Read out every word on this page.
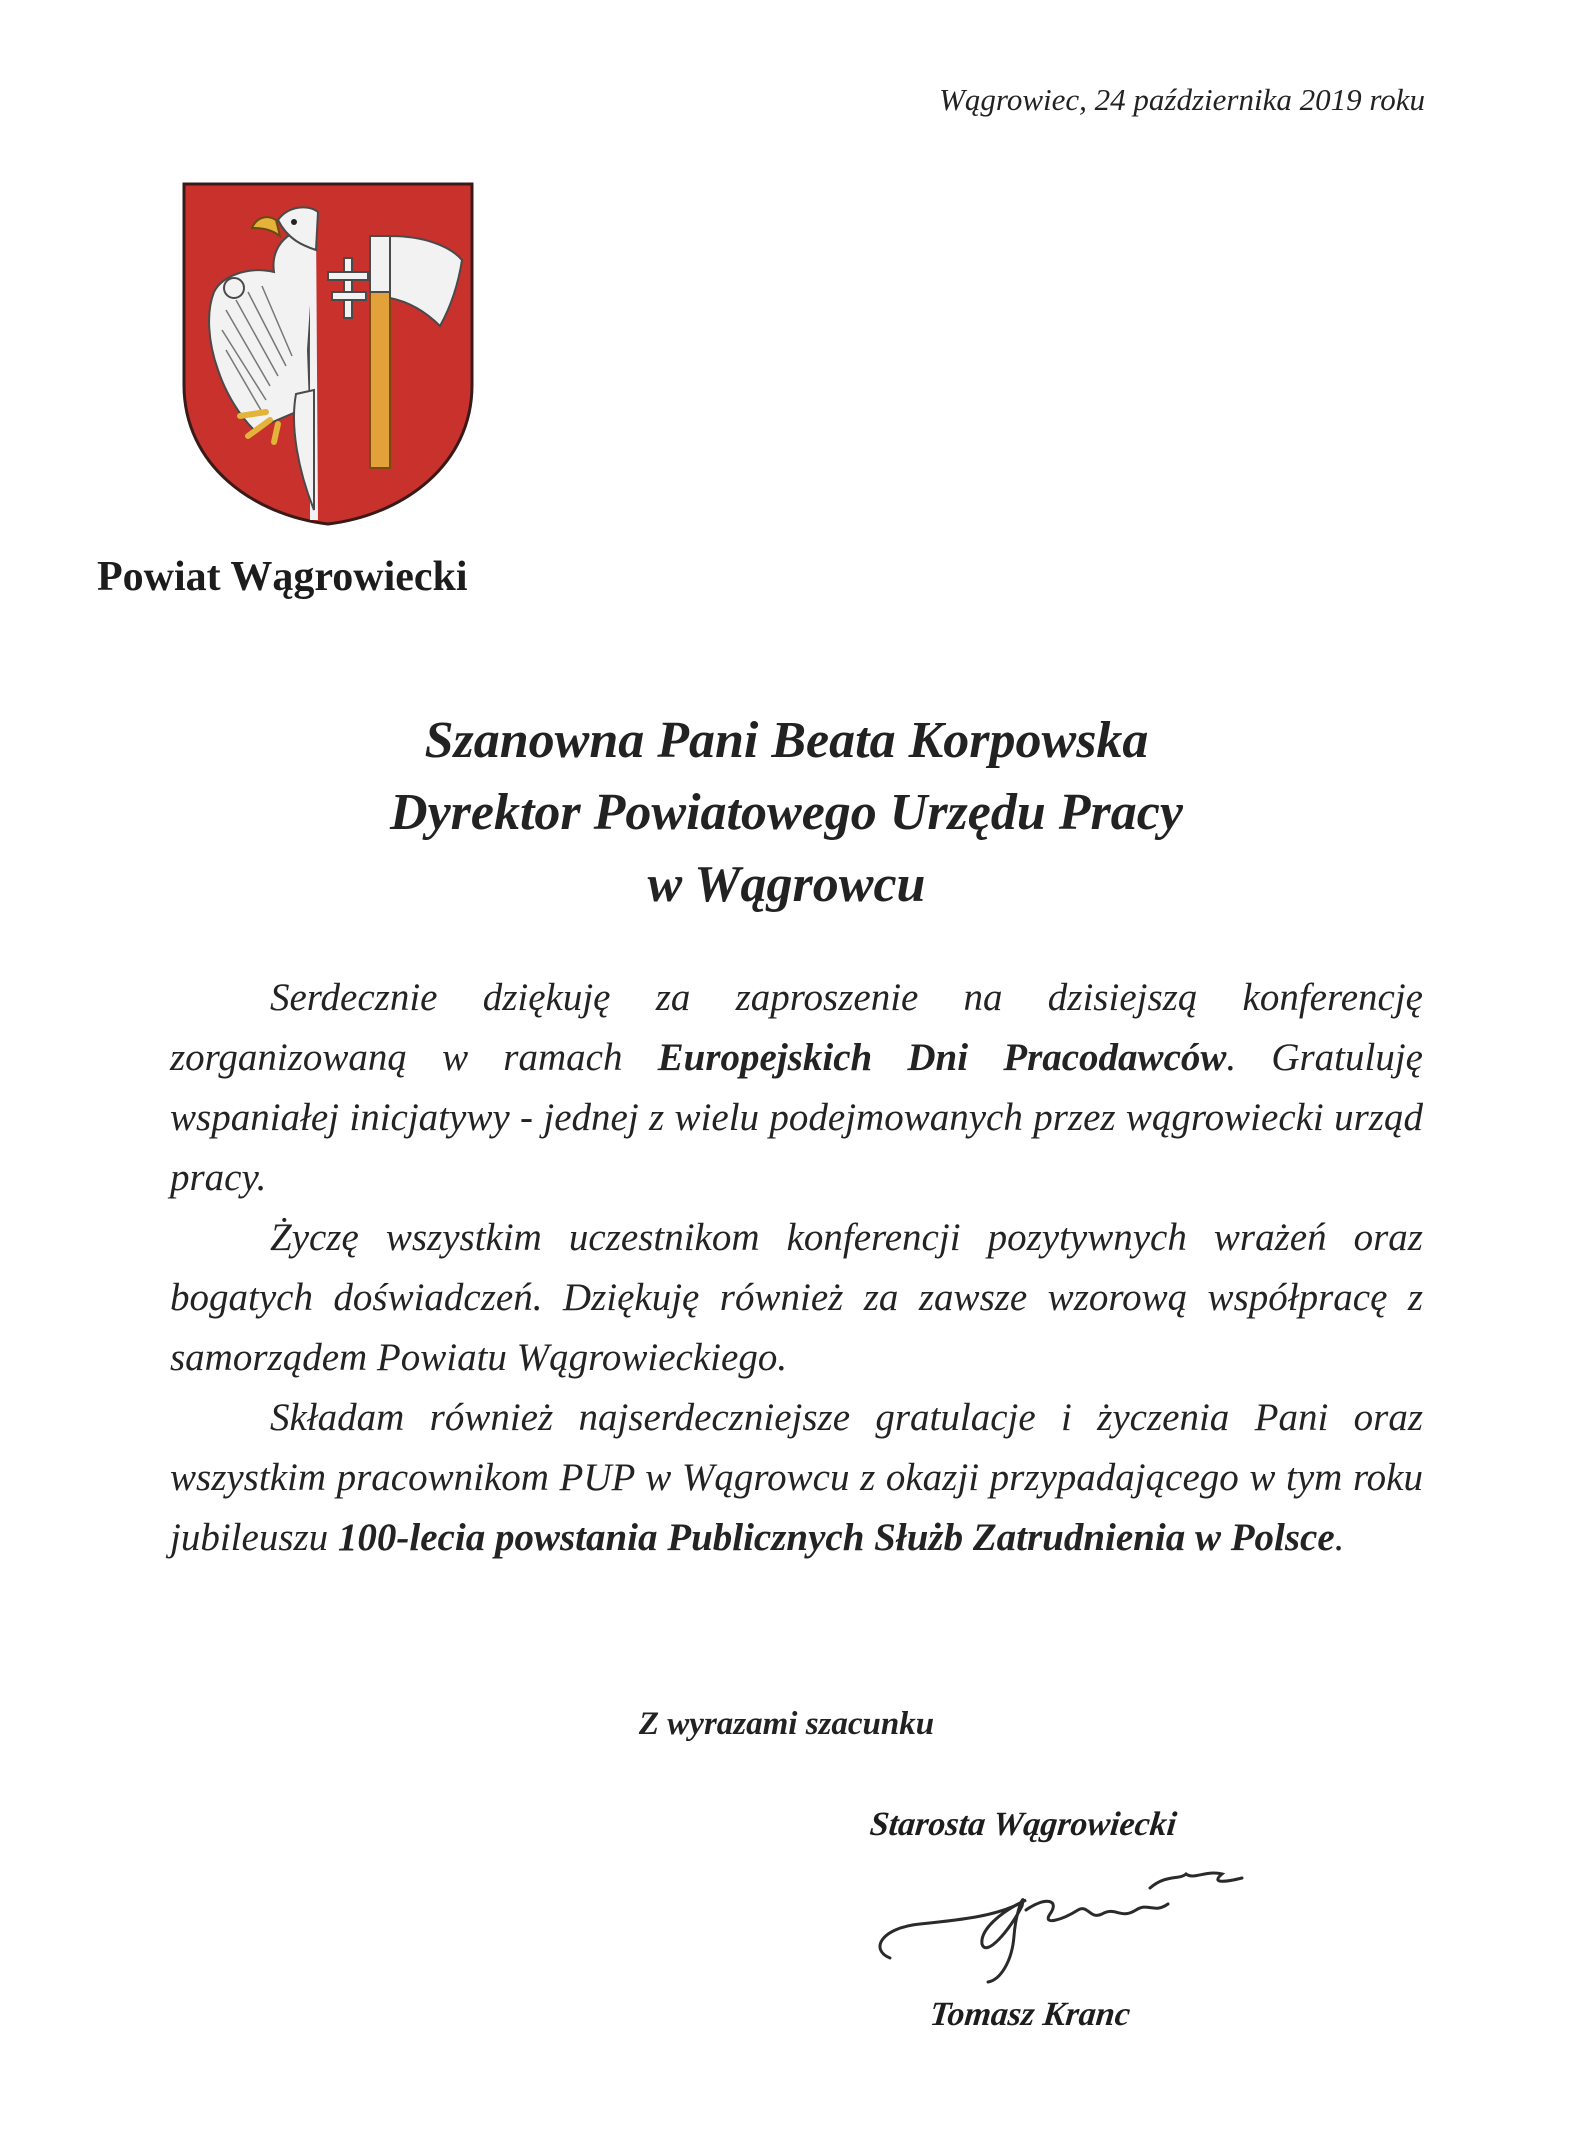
Wągrowiec, 24 października 2019 roku
Powiat Wągrowiecki
Szanowna Pani Beata Korpowska
Dyrektor Powiatowego Urzędu Pracy
w Wągrowcu

Serdecznie dziękuję za zaproszenie na dzisiejszą konferencję zorganizowaną w ramach Europejskich Dni Pracodawców. Gratuluję wspaniałej inicjatywy - jednej z wielu podejmowanych przez wągrowiecki urząd pracy.

Życzę wszystkim uczestnikom konferencji pozytywnych wrażeń oraz bogatych doświadczeń. Dziękuję również za zawsze wzorową współpracę z samorządem Powiatu Wągrowieckiego.

Składam również najserdeczniejsze gratulacje i życzenia Pani oraz wszystkim pracownikom PUP w Wągrowcu z okazji przypadającego w tym roku jubileuszu 100-lecia powstania Publicznych Służb Zatrudnienia w Polsce.

Z wyrazami szacunku
Starosta Wągrowiecki
Tomasz Kranc
